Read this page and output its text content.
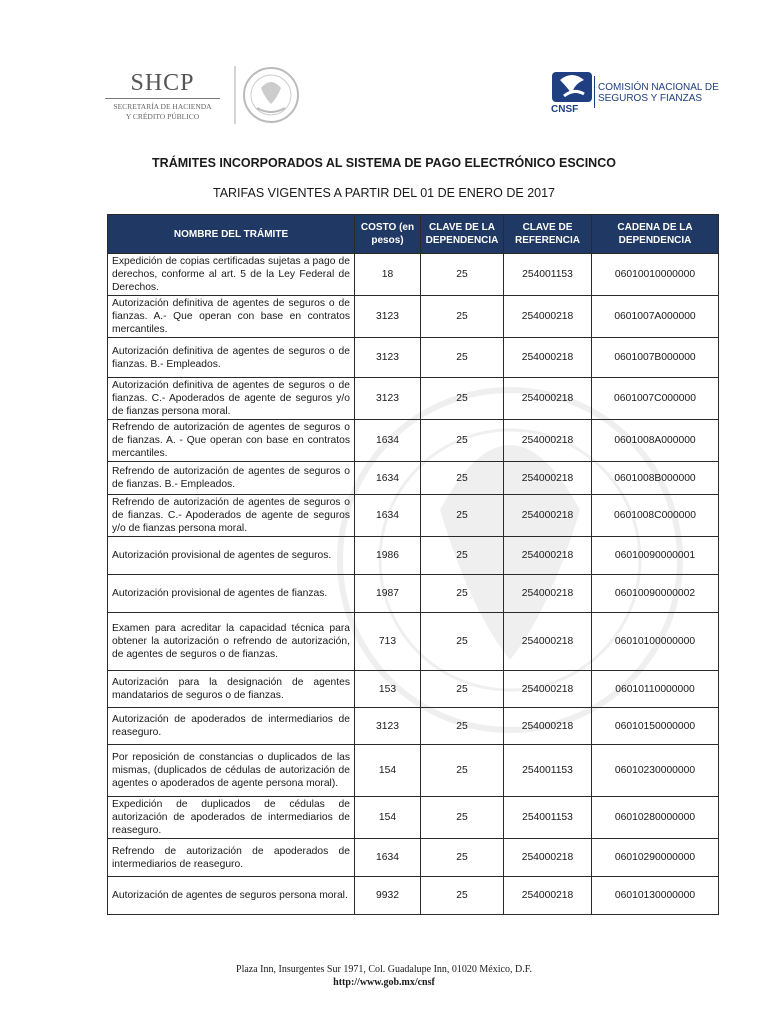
SHCP
SECRETARÍA DE HACIENDA
Y CRÉDITO PÚBLICO
COMISIÓN NACIONAL DE
SEGUROS Y FIANZAS
CNSF
TRÁMITES INCORPORADOS AL SISTEMA DE PAGO ELECTRÓNICO ESCINCO
TARIFAS VIGENTES A PARTIR DEL 01 DE ENERO DE 2017
NOMBRE DEL TRÁMITE	COSTO (en pesos)	CLAVE DE LA DEPENDENCIA	CLAVE DE REFERENCIA	CADENA DE LA DEPENDENCIA
Expedición de copias certificadas sujetas a pago de derechos, conforme al art. 5 de la Ley Federal de Derechos.	18	25	254001153	06010010000000
Autorización definitiva de agentes de seguros o de fianzas. A.- Que operan con base en contratos mercantiles.	3123	25	254000218	0601007A000000
Autorización definitiva de agentes de seguros o de fianzas. B.- Empleados.	3123	25	254000218	0601007B000000
Autorización definitiva de agentes de seguros o de fianzas. C.- Apoderados de agente de seguros y/o de fianzas persona moral.	3123	25	254000218	0601007C000000
Refrendo de autorización de agentes de seguros o de fianzas. A. - Que operan con base en contratos mercantiles.	1634	25	254000218	0601008A000000
Refrendo de autorización de agentes de seguros o de fianzas. B.- Empleados.	1634	25	254000218	0601008B000000
Refrendo de autorización de agentes de seguros o de fianzas. C.- Apoderados de agente de seguros y/o de fianzas persona moral.	1634	25	254000218	0601008C000000
Autorización provisional de agentes de seguros.	1986	25	254000218	06010090000001
Autorización provisional de agentes de fianzas.	1987	25	254000218	06010090000002
Examen para acreditar la capacidad técnica para obtener la autorización o refrendo de autorización, de agentes de seguros o de fianzas.	713	25	254000218	06010100000000
Autorización para la designación de agentes mandatarios de seguros o de fianzas.	153	25	254000218	06010110000000
Autorización de apoderados de intermediarios de reaseguro.	3123	25	254000218	06010150000000
Por reposición de constancias o duplicados de las mismas, (duplicados de cédulas de autorización de agentes o apoderados de agente persona moral).	154	25	254001153	06010230000000
Expedición de duplicados de cédulas de autorización de apoderados de intermediarios de reaseguro.	154	25	254001153	06010280000000
Refrendo de autorización de apoderados de intermediarios de reaseguro.	1634	25	254000218	06010290000000
Autorización de agentes de seguros persona moral.	9932	25	254000218	06010130000000
Plaza Inn, Insurgentes Sur 1971, Col. Guadalupe Inn, 01020 México, D.F.
http://www.gob.mx/cnsf
